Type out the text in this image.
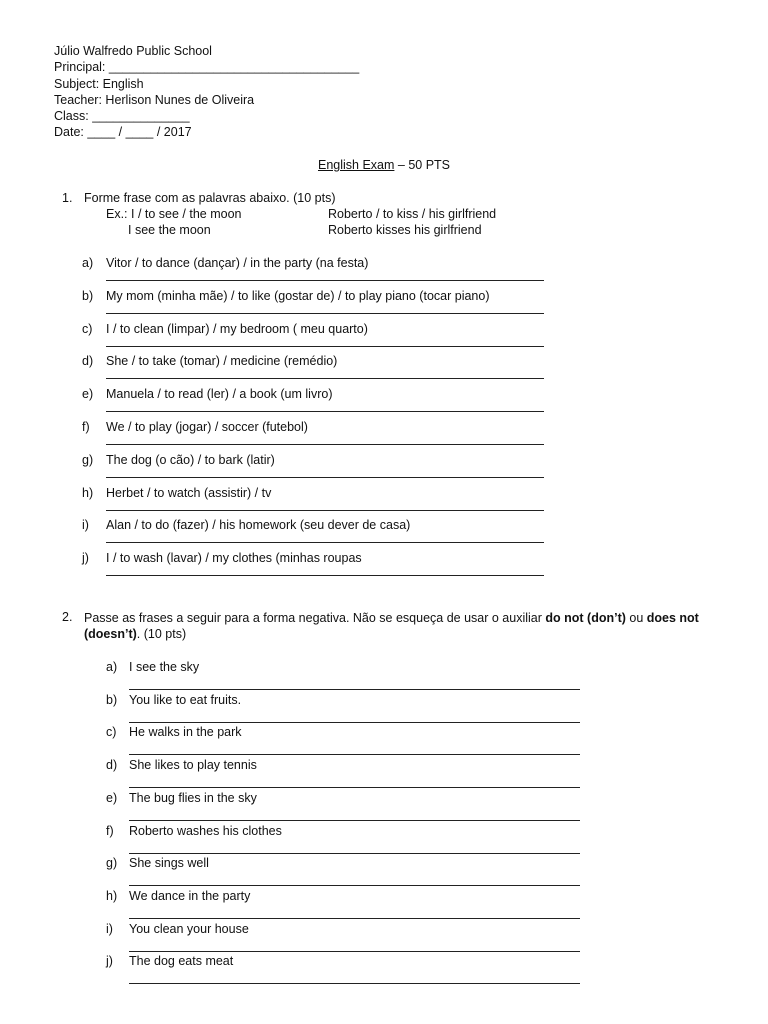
Júlio Walfredo Public School
Principal: ____________________________________
Subject: English
Teacher: Herlison Nunes de Oliveira
Class: ______________
Date: ____ / ____ / 2017
English Exam – 50 PTS
1. Forme frase com as palavras abaixo. (10 pts)
Ex.: I / to see / the moon
I see the moon
Roberto / to kiss / his girlfriend
Roberto kisses his girlfriend
a) Vitor / to dance (dançar) / in the party (na festa)
b) My mom (minha mãe) / to like (gostar de) / to play piano (tocar piano)
c) I / to clean (limpar) / my bedroom ( meu quarto)
d) She / to take (tomar) / medicine (remédio)
e) Manuela / to read (ler) / a book (um livro)
f) We / to play (jogar) / soccer (futebol)
g) The dog (o cão) / to bark (latir)
h) Herbet / to watch (assistir) / tv
i) Alan / to do (fazer) / his homework (seu dever de casa)
j) I / to wash (lavar) / my clothes (minhas roupas
2. Passe as frases a seguir para a forma negativa. Não se esqueça de usar o auxiliar do not (don’t) ou does not (doesn’t). (10 pts)
a) I see the sky
b) You like to eat fruits.
c) He walks in the park
d) She likes to play tennis
e) The bug flies in the sky
f) Roberto washes his clothes
g) She sings well
h) We dance in the party
i) You clean your house
j) The dog eats meat
